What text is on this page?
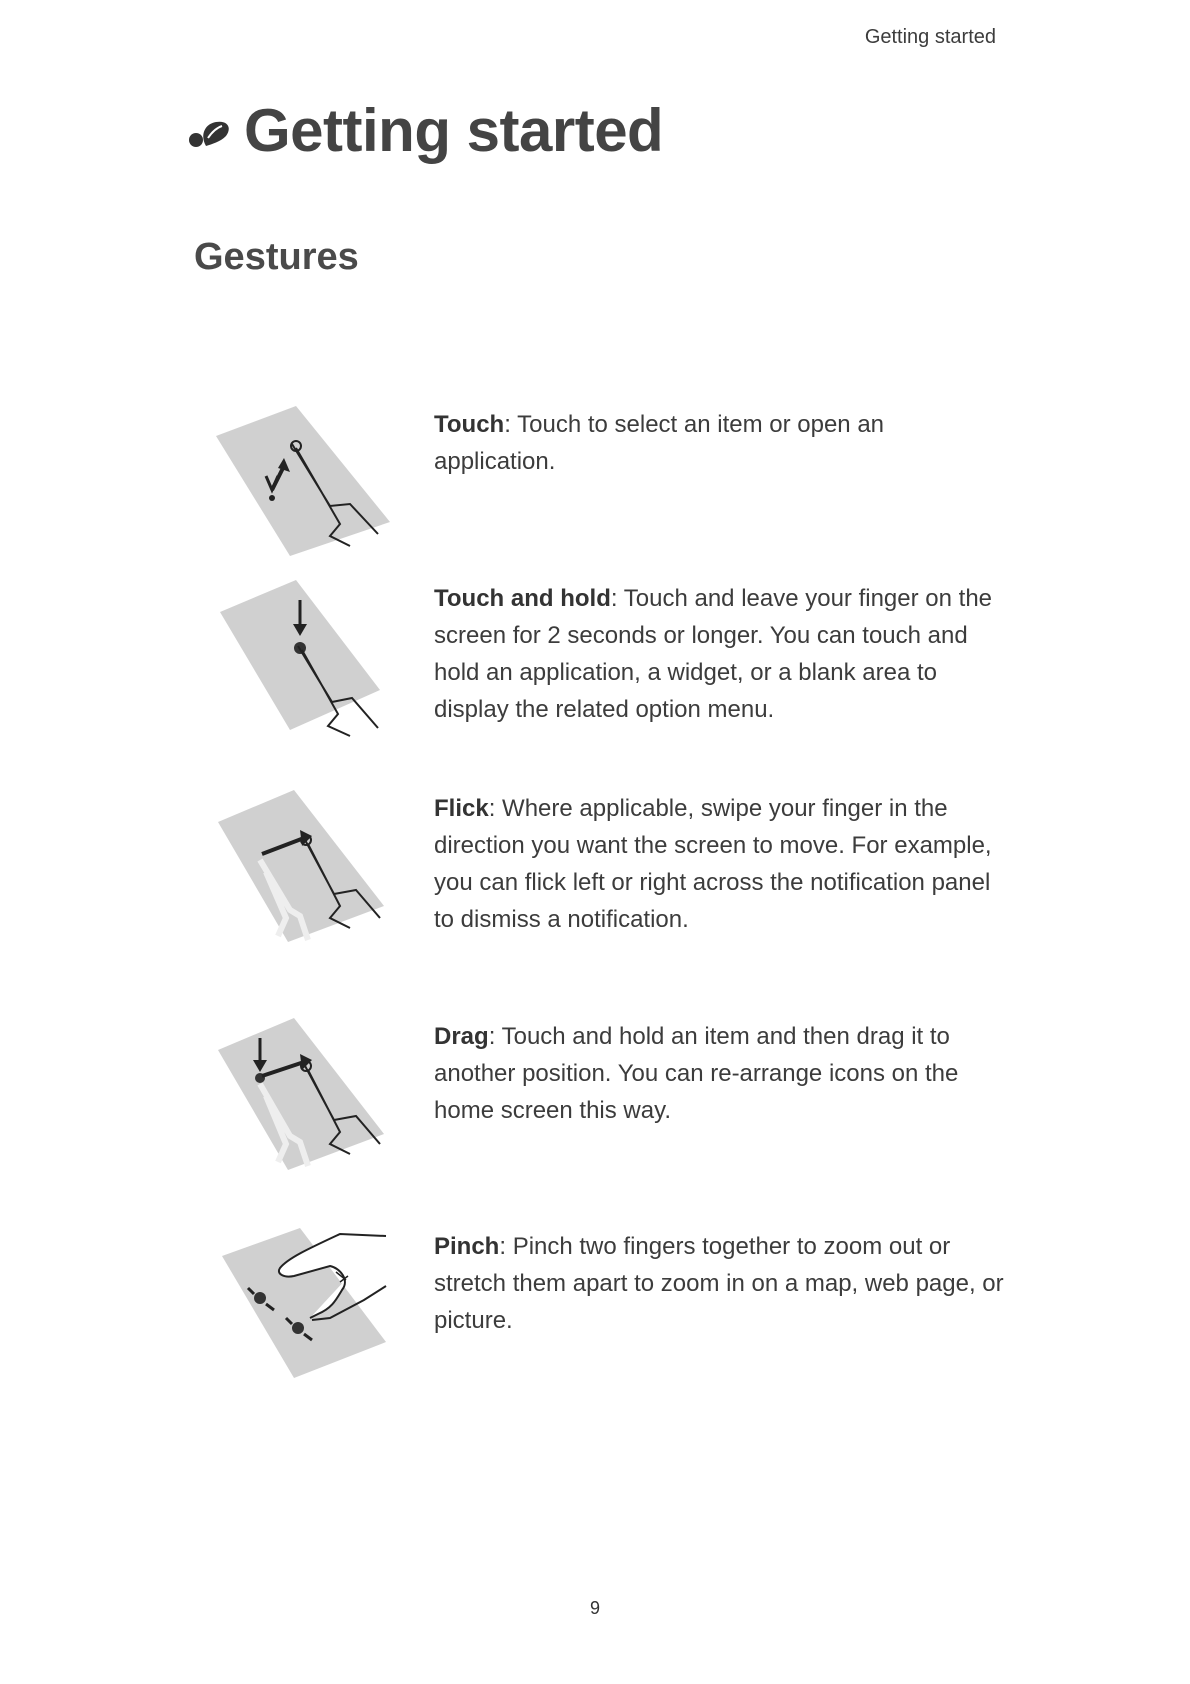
Getting started
Getting started
Gestures
Touch: Touch to select an item or open an application.
Touch and hold: Touch and leave your finger on the screen for 2 seconds or longer. You can touch and hold an application, a widget, or a blank area to display the related option menu.
Flick: Where applicable, swipe your finger in the direction you want the screen to move. For example, you can flick left or right across the notification panel to dismiss a notification.
Drag: Touch and hold an item and then drag it to another position. You can re-arrange icons on the home screen this way.
Pinch: Pinch two fingers together to zoom out or stretch them apart to zoom in on a map, web page, or picture.
9
